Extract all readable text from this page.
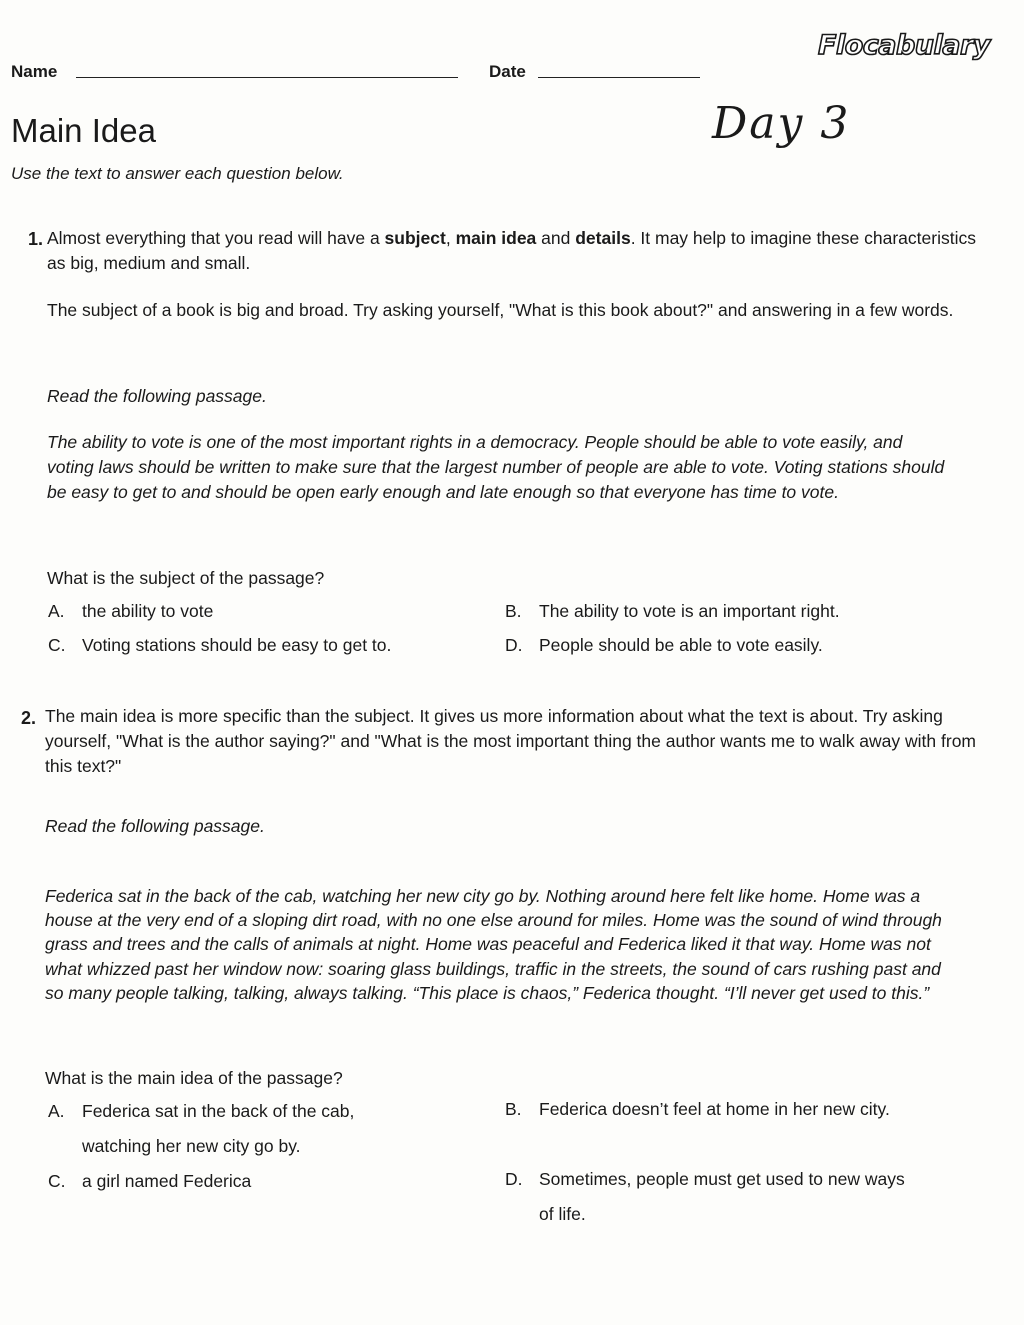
Name	Date
Flocabulary
Day 3
Main Idea
Use the text to answer each question below.
1. Almost everything that you read will have a subject, main idea and details. It may help to imagine these characteristics as big, medium and small.
The subject of a book is big and broad. Try asking yourself, "What is this book about?" and answering in a few words.
Read the following passage.
The ability to vote is one of the most important rights in a democracy. People should be able to vote easily, and voting laws should be written to make sure that the largest number of people are able to vote. Voting stations should be easy to get to and should be open early enough and late enough so that everyone has time to vote.
What is the subject of the passage?
A. the ability to vote	B. The ability to vote is an important right.
C. Voting stations should be easy to get to.	D. People should be able to vote easily.
2. The main idea is more specific than the subject. It gives us more information about what the text is about. Try asking yourself, "What is the author saying?" and "What is the most important thing the author wants me to walk away with from this text?"
Read the following passage.
Federica sat in the back of the cab, watching her new city go by. Nothing around here felt like home. Home was a house at the very end of a sloping dirt road, with no one else around for miles. Home was the sound of wind through grass and trees and the calls of animals at night. Home was peaceful and Federica liked it that way. Home was not what whizzed past her window now: soaring glass buildings, traffic in the streets, the sound of cars rushing past and so many people talking, talking, always talking. “This place is chaos,” Federica thought. “I’ll never get used to this.”
What is the main idea of the passage?
A. Federica sat in the back of the cab, watching her new city go by.
B. Federica doesn’t feel at home in her new city.
C. a girl named Federica	D. Sometimes, people must get used to new ways of life.
